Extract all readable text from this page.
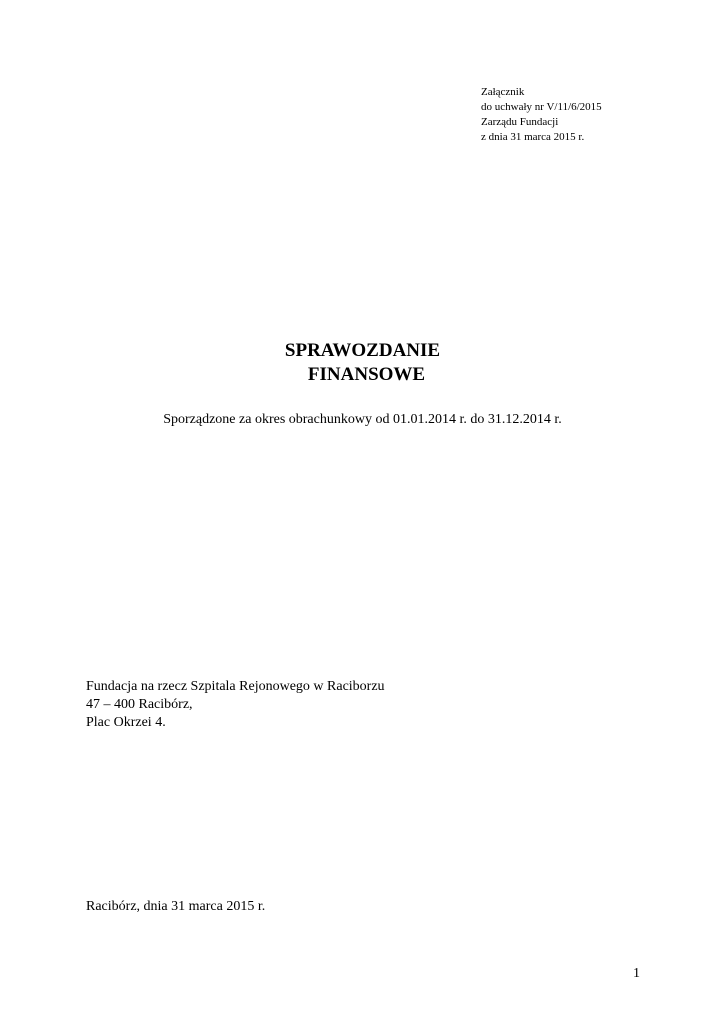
Załącznik
do uchwały nr V/11/6/2015
Zarządu Fundacji
z dnia 31 marca 2015 r.
SPRAWOZDANIE
FINANSOWE
Sporządzone za okres obrachunkowy od 01.01.2014 r. do 31.12.2014 r.
Fundacja na rzecz Szpitala Rejonowego w Raciborzu
47 – 400 Racibórz,
Plac Okrzei 4.
Racibórz, dnia 31 marca 2015 r.
1
